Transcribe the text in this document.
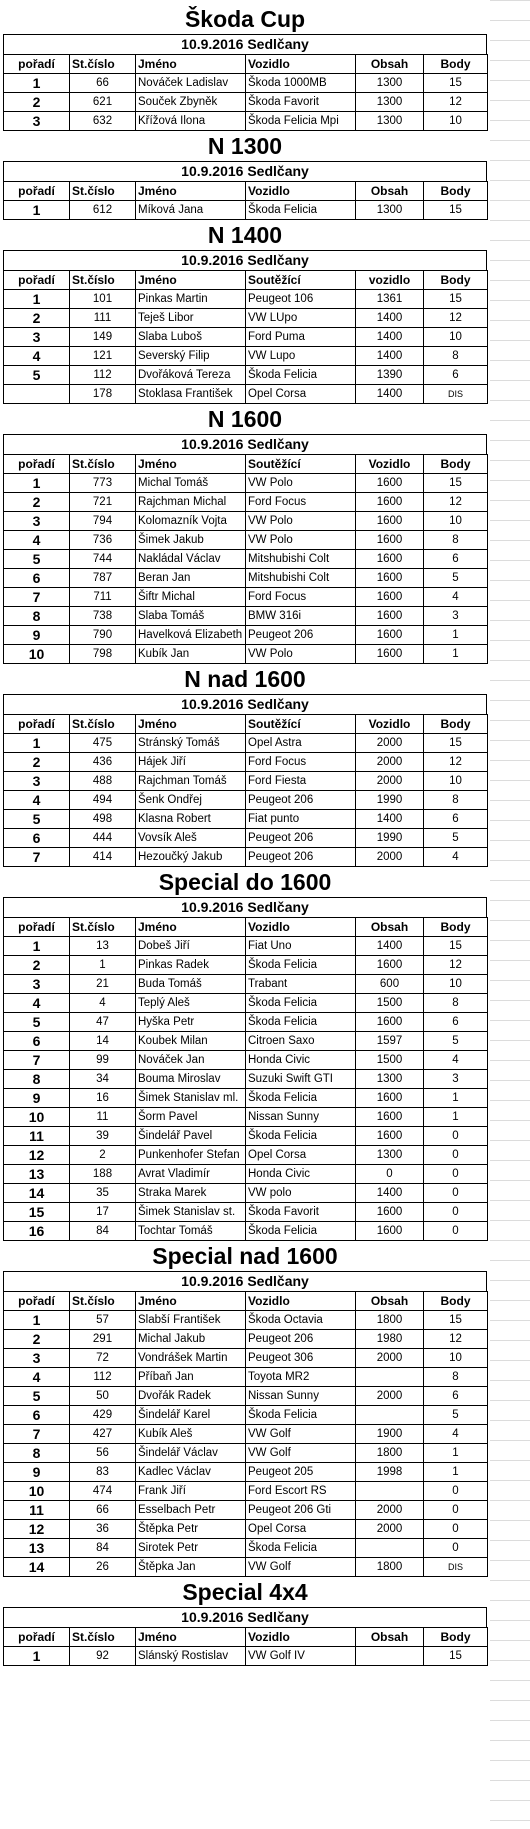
Škoda Cup
10.9.2016 Sedlčany
pořadí	St.číslo	Jméno	Vozidlo	Obsah	Body
1	66	Nováček Ladislav	Škoda 1000MB	1300	15
2	621	Souček Zbyněk	Škoda Favorit	1300	12
3	632	Křížová Ilona	Škoda Felicia Mpi	1300	10
N 1300
10.9.2016 Sedlčany
pořadí	St.číslo	Jméno	Vozidlo	Obsah	Body
1	612	Míková Jana	Škoda Felicia	1300	15
N 1400
10.9.2016 Sedlčany
pořadí	St.číslo	Jméno	Soutěžící	vozidlo	Body
1	101	Pinkas Martin	Peugeot 106	1361	15
2	111	Teješ Libor	VW LUpo	1400	12
3	149	Slaba Luboš	Ford Puma	1400	10
4	121	Severský Filip	VW Lupo	1400	8
5	112	Dvořáková Tereza	Škoda Felicia	1390	6
	178	Stoklasa František	Opel Corsa	1400	DIS
N 1600
10.9.2016 Sedlčany
pořadí	St.číslo	Jméno	Soutěžící	Vozidlo	Body
1	773	Michal Tomáš	VW Polo	1600	15
2	721	Rajchman Michal	Ford Focus	1600	12
3	794	Kolomazník Vojta	VW Polo	1600	10
4	736	Šimek Jakub	VW Polo	1600	8
5	744	Nakládal Václav	Mitshubishi Colt	1600	6
6	787	Beran Jan	Mitshubishi Colt	1600	5
7	711	Šiftr Michal	Ford Focus	1600	4
8	738	Slaba Tomáš	BMW 316i	1600	3
9	790	Havelková Elizabeth	Peugeot 206	1600	1
10	798	Kubík Jan	VW Polo	1600	1
N nad 1600
10.9.2016 Sedlčany
pořadí	St.číslo	Jméno	Soutěžící	Vozidlo	Body
1	475	Stránský Tomáš	Opel Astra	2000	15
2	436	Hájek Jiří	Ford Focus	2000	12
3	488	Rajchman Tomáš	Ford Fiesta	2000	10
4	494	Šenk Ondřej	Peugeot 206	1990	8
5	498	Klasna Robert	Fiat punto	1400	6
6	444	Vovsík Aleš	Peugeot 206	1990	5
7	414	Hezoučký Jakub	Peugeot 206	2000	4
Special do 1600
10.9.2016 Sedlčany
pořadí	St.číslo	Jméno	Vozidlo	Obsah	Body
1	13	Dobeš Jiří	Fiat Uno	1400	15
2	1	Pinkas Radek	Škoda Felicia	1600	12
3	21	Buda Tomáš	Trabant	600	10
4	4	Teplý Aleš	Škoda Felicia	1500	8
5	47	Hyška Petr	Škoda Felicia	1600	6
6	14	Koubek Milan	Citroen Saxo	1597	5
7	99	Nováček Jan	Honda Civic	1500	4
8	34	Bouma Miroslav	Suzuki Swift GTI	1300	3
9	16	Šimek Stanislav ml.	Škoda Felicia	1600	1
10	11	Šorm Pavel	Nissan Sunny	1600	1
11	39	Šindelář Pavel	Škoda Felicia	1600	0
12	2	Punkenhofer Stefan	Opel Corsa	1300	0
13	188	Avrat Vladimír	Honda Civic	0	0
14	35	Straka Marek	VW polo	1400	0
15	17	Šimek Stanislav st.	Škoda Favorit	1600	0
16	84	Tochtar Tomáš	Škoda Felicia	1600	0
Special nad 1600
10.9.2016 Sedlčany
pořadí	St.číslo	Jméno	Vozidlo	Obsah	Body
1	57	Slabší František	Škoda Octavia	1800	15
2	291	Michal Jakub	Peugeot 206	1980	12
3	72	Vondrášek Martin	Peugeot 306	2000	10
4	112	Příbaň Jan	Toyota MR2		8
5	50	Dvořák Radek	Nissan Sunny	2000	6
6	429	Šindelář Karel	Škoda Felicia		5
7	427	Kubík Aleš	VW Golf	1900	4
8	56	Šindelář Václav	VW Golf	1800	1
9	83	Kadlec Václav	Peugeot 205	1998	1
10	474	Frank Jiří	Ford Escort RS		0
11	66	Esselbach Petr	Peugeot 206 Gti	2000	0
12	36	Štěpka Petr	Opel Corsa	2000	0
13	84	Sirotek Petr	Škoda Felicia		0
14	26	Štěpka Jan	VW Golf	1800	DIS
Special 4x4
10.9.2016 Sedlčany
pořadí	St.číslo	Jméno	Vozidlo	Obsah	Body
1	92	Slánský Rostislav	VW Golf IV		15
